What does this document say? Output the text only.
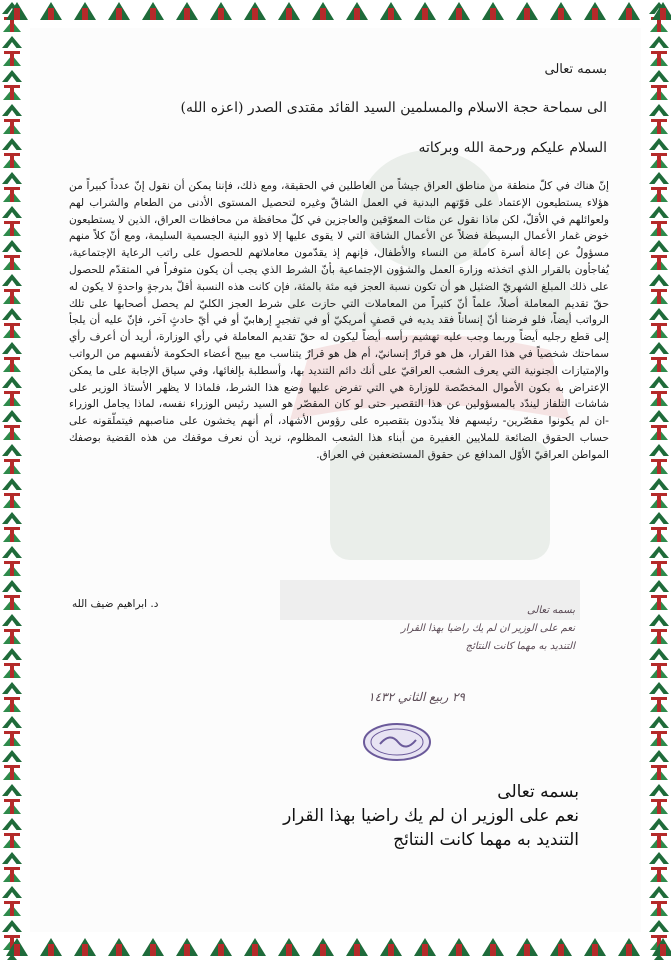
بسمه تعالى
الى سماحة حجة الاسلام والمسلمين السيد القائد مقتدى الصدر (اعزه الله)
السلام عليكم ورحمة الله وبركاته
إنّ هناك في كلّ منطقة من مناطق العراق جيشاً من العاطلين في الحقيقة، ومع ذلك، فإننا يمكن أن نقول إنّ عدداً كبيراً من هؤلاء يستطيعون الإعتماد على قوّتهم البدنية في العمل الشاقّ وغيره لتحصيل المستوى الأدنى من الطعام والشراب لهم ولعوائلهم في الأقلّ، لكن ماذا نقول عن مئات المعوّقين والعاجزين في كلّ محافظة من محافظات العراق، الذين لا يستطيعون خوض غمار الأعمال البسيطة فضلاً عن الأعمال الشاقة التي لا يقوى عليها إلا ذوو البنية الجسمية السليمة، ومع أنّ كلاً منهم مسؤولٌ عن إعالة أسرة كاملة من النساء والأطفال، فإنهم إذ يقدّمون معاملاتهم للحصول على راتب الرعاية الإجتماعية، يُفاجأون بالقرار الذي اتخذته وزارة العمل والشؤون الإجتماعية بأنّ الشرط الذي يجب أن يكون متوفراً في المتقدّم للحصول على ذلك المبلغ الشهريّ الضئيل هو أن تكون نسبة العجز فيه مئة بالمئة، فإن كانت هذه النسبة أقلّ بدرجةٍ واحدةٍ لا يكون له حقّ تقديم المعاملة أصلاً، علماً أنّ كثيراً من المعاملات التي حازت على شرط العجز الكليّ لم يحصل أصحابها على تلك الرواتب أيضاً، فلو فرضنا أنّ إنساناً فقد يديه في قصفٍ أمريكيّ أو في تفجيرٍ إرهابيّ أو في أيّ حادثٍ آخر، فإنّ عليه أن يلجأ إلى قطع رجليه أيضاً وربما وجب عليه تهشيم رأسه أيضاً ليكون له حقّ تقديم المعاملة في رأي الوزارة، أريد أن أعرف رأي سماحتك شخصياً في هذا القرار، هل هو قرارٌ إنسانيّ، أم هل هو قرارٌ يتناسب مع بيبح أعضاء الحكومة لأنفسهم من الرواتب والإمتيازات الجنونية التي يعرف الشعب العراقيّ على أنك دائم التنديد بها، وأسطلبة بإلغائها، وفي سياق الإجابة على ما يمكن الإعتراض به بكون الأموال المخصّصة للوزارة هي التي تفرض عليها وضع هذا الشرط، فلماذا لا يظهر الأستاذ الوزير على شاشات التلفاز ليندّد بالمسؤولين عن هذا التقصير حتى لو كان المقصّر هو السيد رئيس الوزراء نفسه، لماذا يجامل الوزراء -ان لم يكونوا مقصّرين- رئيسهم فلا يندّدون بتقصيره على رؤوس الأشهاد، أم أنهم يخشون على مناصبهم فيتملّقونه على حساب الحقوق الضائعة للملايين الغفيرة من أبناء هذا الشعب المظلوم، نريد أن نعرف موقفك من هذه القضية بوصفك المواطن العراقيّ الأوّل المدافع عن حقوق المستضعفين في العراق.
د. ابراهيم ضيف الله
بسمه تعالى
نعم على الوزير ان لم يك راضيا بهذا القرار
التنديد به مهما كانت النتائج
٢٩ ربيع الثاني ١٤٣٢
بسمه تعالى
نعم على الوزير ان لم يك راضيا بهذا القرار
التنديد به مهما كانت النتائج
